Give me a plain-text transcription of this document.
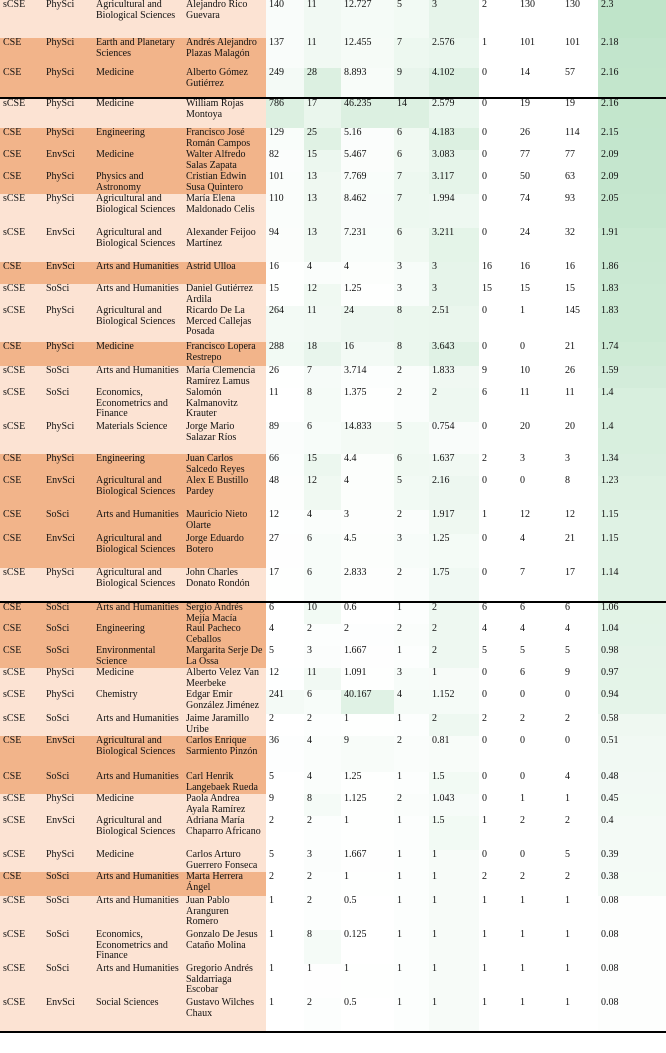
sCSE	PhySci	Agricultural and Biological Sciences	Alejandro Rico Guevara	140	11	12.727	5	3	2	130	130	2.3
CSE	PhySci	Earth and Planetary Sciences	Andrés Alejandro Plazas Malagón	137	11	12.455	7	2.576	1	101	101	2.18
CSE	PhySci	Medicine	Alberto Gómez Gutiérrez	249	28	8.893	9	4.102	0	14	57	2.16
sCSE	PhySci	Medicine	William Rojas Montoya	786	17	46.235	14	2.579	0	19	19	2.16
CSE	PhySci	Engineering	Francisco José Román Campos	129	25	5.16	6	4.183	0	26	114	2.15
CSE	EnvSci	Medicine	Walter Alfredo Salas Zapata	82	15	5.467	6	3.083	0	77	77	2.09
CSE	PhySci	Physics and Astronomy	Cristian Edwin Susa Quintero	101	13	7.769	7	3.117	0	50	63	2.09
sCSE	PhySci	Agricultural and Biological Sciences	María Elena Maldonado Celis	110	13	8.462	7	1.994	0	74	93	2.05
sCSE	EnvSci	Agricultural and Biological Sciences	Alexander Feijoo Martínez	94	13	7.231	6	3.211	0	24	32	1.91
CSE	EnvSci	Arts and Humanities	Astrid Ulloa	16	4	4	3	3	16	16	16	1.86
sCSE	SoSci	Arts and Humanities	Daniel Gutiérrez Ardila	15	12	1.25	3	3	15	15	15	1.83
sCSE	PhySci	Agricultural and Biological Sciences	Ricardo De La Merced Callejas Posada	264	11	24	8	2.51	0	1	145	1.83
CSE	PhySci	Medicine	Francisco Lopera Restrepo	288	18	16	8	3.643	0	0	21	1.74
sCSE	SoSci	Arts and Humanities	María Clemencia Ramírez Lamus	26	7	3.714	2	1.833	9	10	26	1.59
sCSE	SoSci	Economics, Econometrics and Finance	Salomón Kalmanovitz Krauter	11	8	1.375	2	2	6	11	11	1.4
sCSE	PhySci	Materials Science	Jorge Mario Salazar Ríos	89	6	14.833	5	0.754	0	20	20	1.4
CSE	PhySci	Engineering	Juan Carlos Salcedo Reyes	66	15	4.4	6	1.637	2	3	3	1.34
CSE	EnvSci	Agricultural and Biological Sciences	Alex E Bustillo Pardey	48	12	4	5	2.16	0	0	8	1.23
CSE	SoSci	Arts and Humanities	Mauricio Nieto Olarte	12	4	3	2	1.917	1	12	12	1.15
CSE	EnvSci	Agricultural and Biological Sciences	Jorge Eduardo Botero	27	6	4.5	3	1.25	0	4	21	1.15
sCSE	PhySci	Agricultural and Biological Sciences	John Charles Donato Rondón	17	6	2.833	2	1.75	0	7	17	1.14
CSE	SoSci	Arts and Humanities	Sergio Andrés Mejía Macía	6	10	0.6	1	2	6	6	6	1.06
CSE	SoSci	Engineering	Raul Pacheco Ceballos	4	2	2	2	2	4	4	4	1.04
CSE	SoSci	Environmental Science	Margarita Serje De La Ossa	5	3	1.667	1	2	5	5	5	0.98
sCSE	PhySci	Medicine	Alberto Velez Van Meerbeke	12	11	1.091	3	1	0	6	9	0.97
sCSE	PhySci	Chemistry	Edgar Emir González Jiménez	241	6	40.167	4	1.152	0	0	0	0.94
sCSE	SoSci	Arts and Humanities	Jaime Jaramillo Uribe	2	2	1	1	2	2	2	2	0.58
CSE	EnvSci	Agricultural and Biological Sciences	Carlos Enrique Sarmiento Pinzón	36	4	9	2	0.81	0	0	0	0.51
CSE	SoSci	Arts and Humanities	Carl Henrik Langebaek Rueda	5	4	1.25	1	1.5	0	0	4	0.48
sCSE	PhySci	Medicine	Paola Andrea Ayala Ramírez	9	8	1.125	2	1.043	0	1	1	0.45
sCSE	EnvSci	Agricultural and Biological Sciences	Adriana María Chaparro Africano	2	2	1	1	1.5	1	2	2	0.4
sCSE	PhySci	Medicine	Carlos Arturo Guerrero Fonseca	5	3	1.667	1	1	0	0	5	0.39
CSE	SoSci	Arts and Humanities	Marta Herrera Ángel	2	2	1	1	1	2	2	2	0.38
sCSE	SoSci	Arts and Humanities	Juan Pablo Aranguren Romero	1	2	0.5	1	1	1	1	1	0.08
sCSE	SoSci	Economics, Econometrics and Finance	Gonzalo De Jesus Cataño Molina	1	8	0.125	1	1	1	1	1	0.08
sCSE	SoSci	Arts and Humanities	Gregorio Andrés Saldarriaga Escobar	1	1	1	1	1	1	1	1	0.08
sCSE	EnvSci	Social Sciences	Gustavo Wilches Chaux	1	2	0.5	1	1	1	1	1	0.08
